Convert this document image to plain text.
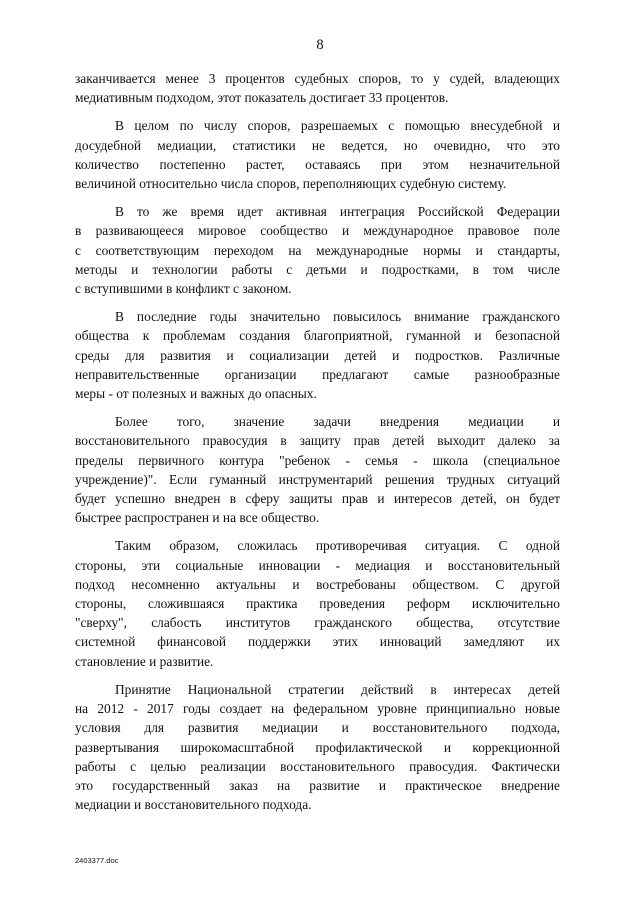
8

заканчивается менее 3 процентов судебных споров, то у судей, владеющих
медиативным подходом, этот показатель достигает 33 процентов.

В целом по числу споров, разрешаемых с помощью внесудебной и
досудебной медиации, статистики не ведется, но очевидно, что это
количество постепенно растет, оставаясь при этом незначительной
величиной относительно числа споров, переполняющих судебную систему.

В то же время идет активная интеграция Российской Федерации
в развивающееся мировое сообщество и международное правовое поле
с соответствующим переходом на международные нормы и стандарты,
методы и технологии работы с детьми и подростками, в том числе
с вступившими в конфликт с законом.

В последние годы значительно повысилось внимание гражданского
общества к проблемам создания благоприятной, гуманной и безопасной
среды для развития и социализации детей и подростков. Различные
неправительственные организации предлагают самые разнообразные
меры - от полезных и важных до опасных.

Более того, значение задачи внедрения медиации и
восстановительного правосудия в защиту прав детей выходит далеко за
пределы первичного контура "ребенок - семья - школа (специальное
учреждение)". Если гуманный инструментарий решения трудных ситуаций
будет успешно внедрен в сферу защиты прав и интересов детей, он будет
быстрее распространен и на все общество.

Таким образом, сложилась противоречивая ситуация. С одной
стороны, эти социальные инновации - медиация и восстановительный
подход несомненно актуальны и востребованы обществом. С другой
стороны, сложившаяся практика проведения реформ исключительно
"сверху", слабость институтов гражданского общества, отсутствие
системной финансовой поддержки этих инноваций замедляют их
становление и развитие.

Принятие Национальной стратегии действий в интересах детей
на 2012 - 2017 годы создает на федеральном уровне принципиально новые
условия для развития медиации и восстановительного подхода,
развертывания широкомасштабной профилактической и коррекционной
работы с целью реализации восстановительного правосудия. Фактически
это государственный заказ на развитие и практическое внедрение
медиации и восстановительного подхода.

2403377.doc
